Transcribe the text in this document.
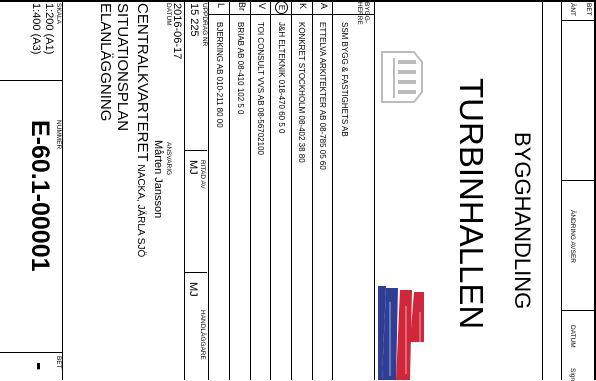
BET
ÄNT
ÄNDRING AVSER
DATUM
Sign
BYGGHANDLING
TURBINHALLEN
BYGG-
HERRE
SSM BYGG & FASTIGHETS AB
A
ETTELVA ARKITEKTER AB 08-785 05 60
K
KONKRET STOCKHOLM 08-402 38 80
E
J&H ELTEKNIK 018-470 60 5 0
V
TOI CONSULT VVS AB 08-56702100
Br
BRIAB AB 08-410 102 5 0
L
BJERKING AB 010-211 80 00
UPPDRAG NR
15 225
RITAD AV
MJ
HANDLÄGGARE
MJ
2016-06-17
DATUM
ANSVARIG
Mårten Jansson
CENTRALKVARTERET NACKA, JÄRLA SJÖ
SITUATIONSPLAN
ELANLÄGGNING
SKALA
1:200 (A1)
1:400 (A3)
NUMMER
E-60.1-00001
BET
-
